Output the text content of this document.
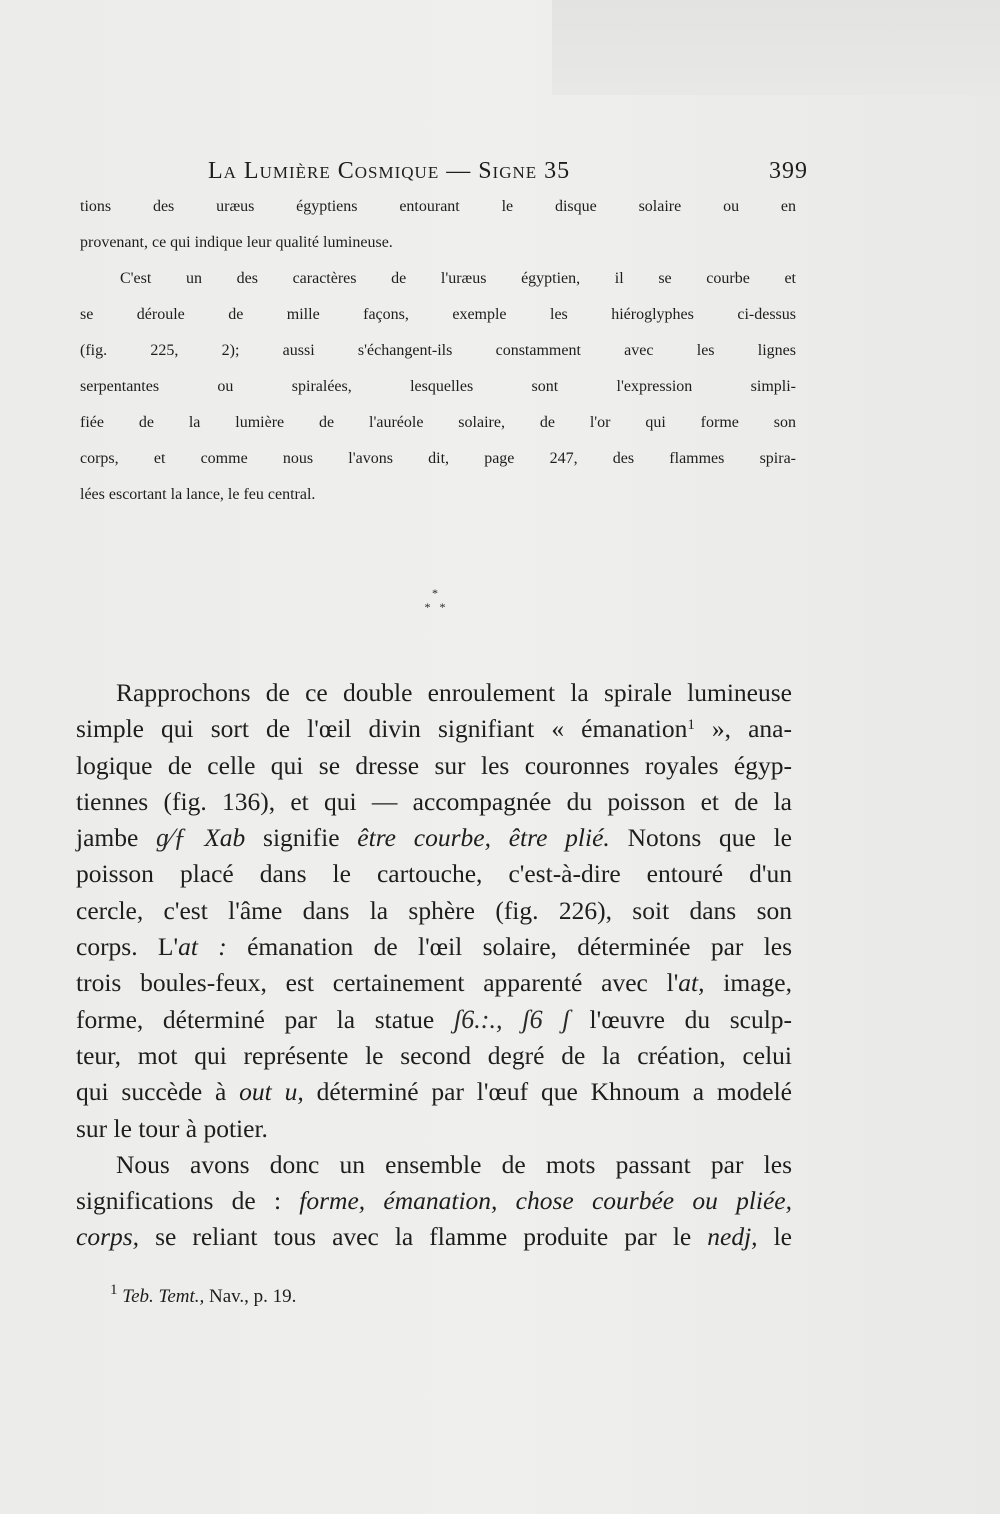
La Lumière Cosmique — Signe 35	399
tions des uræus égyptiens entourant le disque solaire ou en
provenant, ce qui indique leur qualité lumineuse.
C'est un des caractères de l'uræus égyptien, il se courbe et
se déroule de mille façons, exemple les hiéroglyphes ci-dessus
(fig. 225, 2); aussi s'échangent-ils constamment avec les lignes
serpentantes ou spiralées, lesquelles sont l'expression simpli-
fiée de la lumière de l'auréole solaire, de l'or qui forme son
corps, et comme nous l'avons dit, page 247, des flammes spira-
lées escortant la lance, le feu central.
*
*   *
Rapprochons de ce double enroulement la spirale lumineuse
simple qui sort de l'œil divin signifiant « émanation$^1$ », ana-
logique de celle qui se dresse sur les couronnes royales égyp-
tiennes (fig. 136), et qui — accompagnée du poisson et de la
jambe ɡ⁄ƒ Xab signifie être courbe, être plié. Notons que le
poisson placé dans le cartouche, c'est-à-dire entouré d'un
cercle, c'est l'âme dans la sphère (fig. 226), soit dans son
corps. L'at : émanation de l'œil solaire, déterminée par les
trois boules-feux, est certainement apparenté avec l'at, image,
forme, déterminé par la statue ʃ6.:., ʃ6 ʃ l'œuvre du sculp-
teur, mot qui représente le second degré de la création, celui
qui succède à out u, déterminé par l'œuf que Khnoum a modelé
sur le tour à potier.
Nous avons donc un ensemble de mots passant par les
significations de : forme, émanation, chose courbée ou pliée,
corps, se reliant tous avec la flamme produite par le nedj, le
$^1$ Teb. Temt., Nav., p. 19.
